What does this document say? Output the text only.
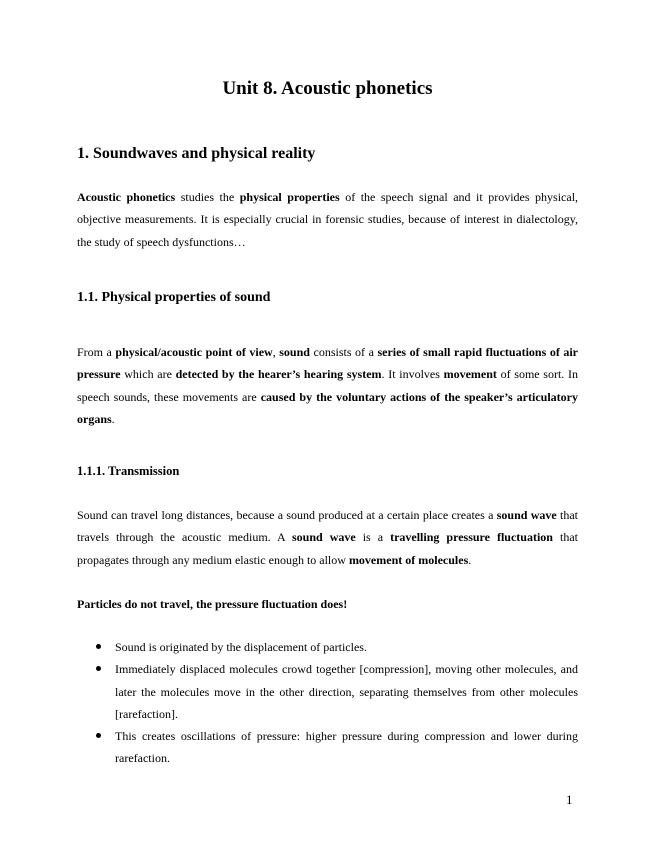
Unit 8. Acoustic phonetics
1. Soundwaves and physical reality

Acoustic phonetics studies the physical properties of the speech signal and it provides physical, objective measurements. It is especially crucial in forensic studies, because of interest in dialectology, the study of speech dysfunctions…

1.1. Physical properties of sound

From a physical/acoustic point of view, sound consists of a series of small rapid fluctuations of air pressure which are detected by the hearer’s hearing system. It involves movement of some sort. In speech sounds, these movements are caused by the voluntary actions of the speaker’s articulatory organs.

1.1.1. Transmission

Sound can travel long distances, because a sound produced at a certain place creates a sound wave that travels through the acoustic medium. A sound wave is a travelling pressure fluctuation that propagates through any medium elastic enough to allow movement of molecules.

Particles do not travel, the pressure fluctuation does!

Sound is originated by the displacement of particles.
Immediately displaced molecules crowd together [compression], moving other molecules, and later the molecules move in the other direction, separating themselves from other molecules [rarefaction].
This creates oscillations of pressure: higher pressure during compression and lower during rarefaction.
1
